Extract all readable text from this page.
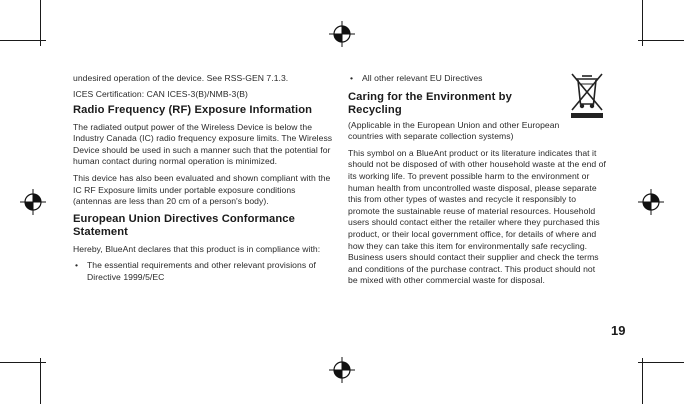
undesired operation of the device. See RSS-GEN 7.1.3.

ICES Certification: CAN ICES-3(B)/NMB-3(B)

Radio Frequency (RF) Exposure Information

The radiated output power of the Wireless Device is below the Industry Canada (IC) radio frequency exposure limits. The Wireless Device should be used in such a manner such that the potential for human contact during normal operation is minimized.

This device has also been evaluated and shown compliant with the IC RF Exposure limits under portable exposure conditions (antennas are less than 20 cm of a person's body).

European Union Directives Conformance Statement

Hereby, BlueAnt declares that this product is in compliance with:

• The essential requirements and other relevant provisions of Directive 1999/5/EC
• All other relevant EU Directives
Caring for the Environment by Recycling

(Applicable in the European Union and other European countries with separate collection systems)

This symbol on a BlueAnt product or its literature indicates that it should not be disposed of with other household waste at the end of its working life. To prevent possible harm to the environment or human health from uncontrolled waste disposal, please separate this from other types of wastes and recycle it responsibly to promote the sustainable reuse of material resources. Household users should contact either the retailer where they purchased this product, or their local government office, for details of where and how they can take this item for environmentally safe recycling. Business users should contact their supplier and check the terms and conditions of the purchase contract. This product should not be mixed with other commercial waste for disposal.

19
